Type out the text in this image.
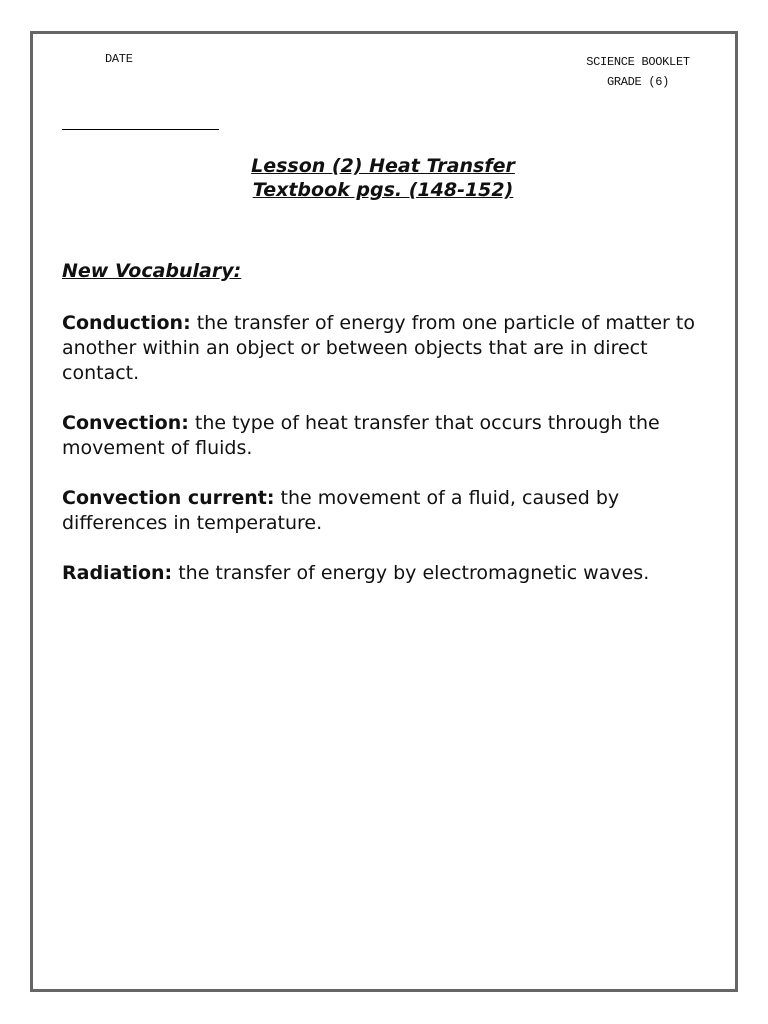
DATE	SCIENCE BOOKLET
GRADE (6)
Lesson (2) Heat Transfer
Textbook pgs. (148-152)
New Vocabulary:
Conduction: the transfer of energy from one particle of matter to another within an object or between objects that are in direct contact.
Convection: the type of heat transfer that occurs through the movement of fluids.
Convection current: the movement of a fluid, caused by differences in temperature.
Radiation: the transfer of energy by electromagnetic waves.
